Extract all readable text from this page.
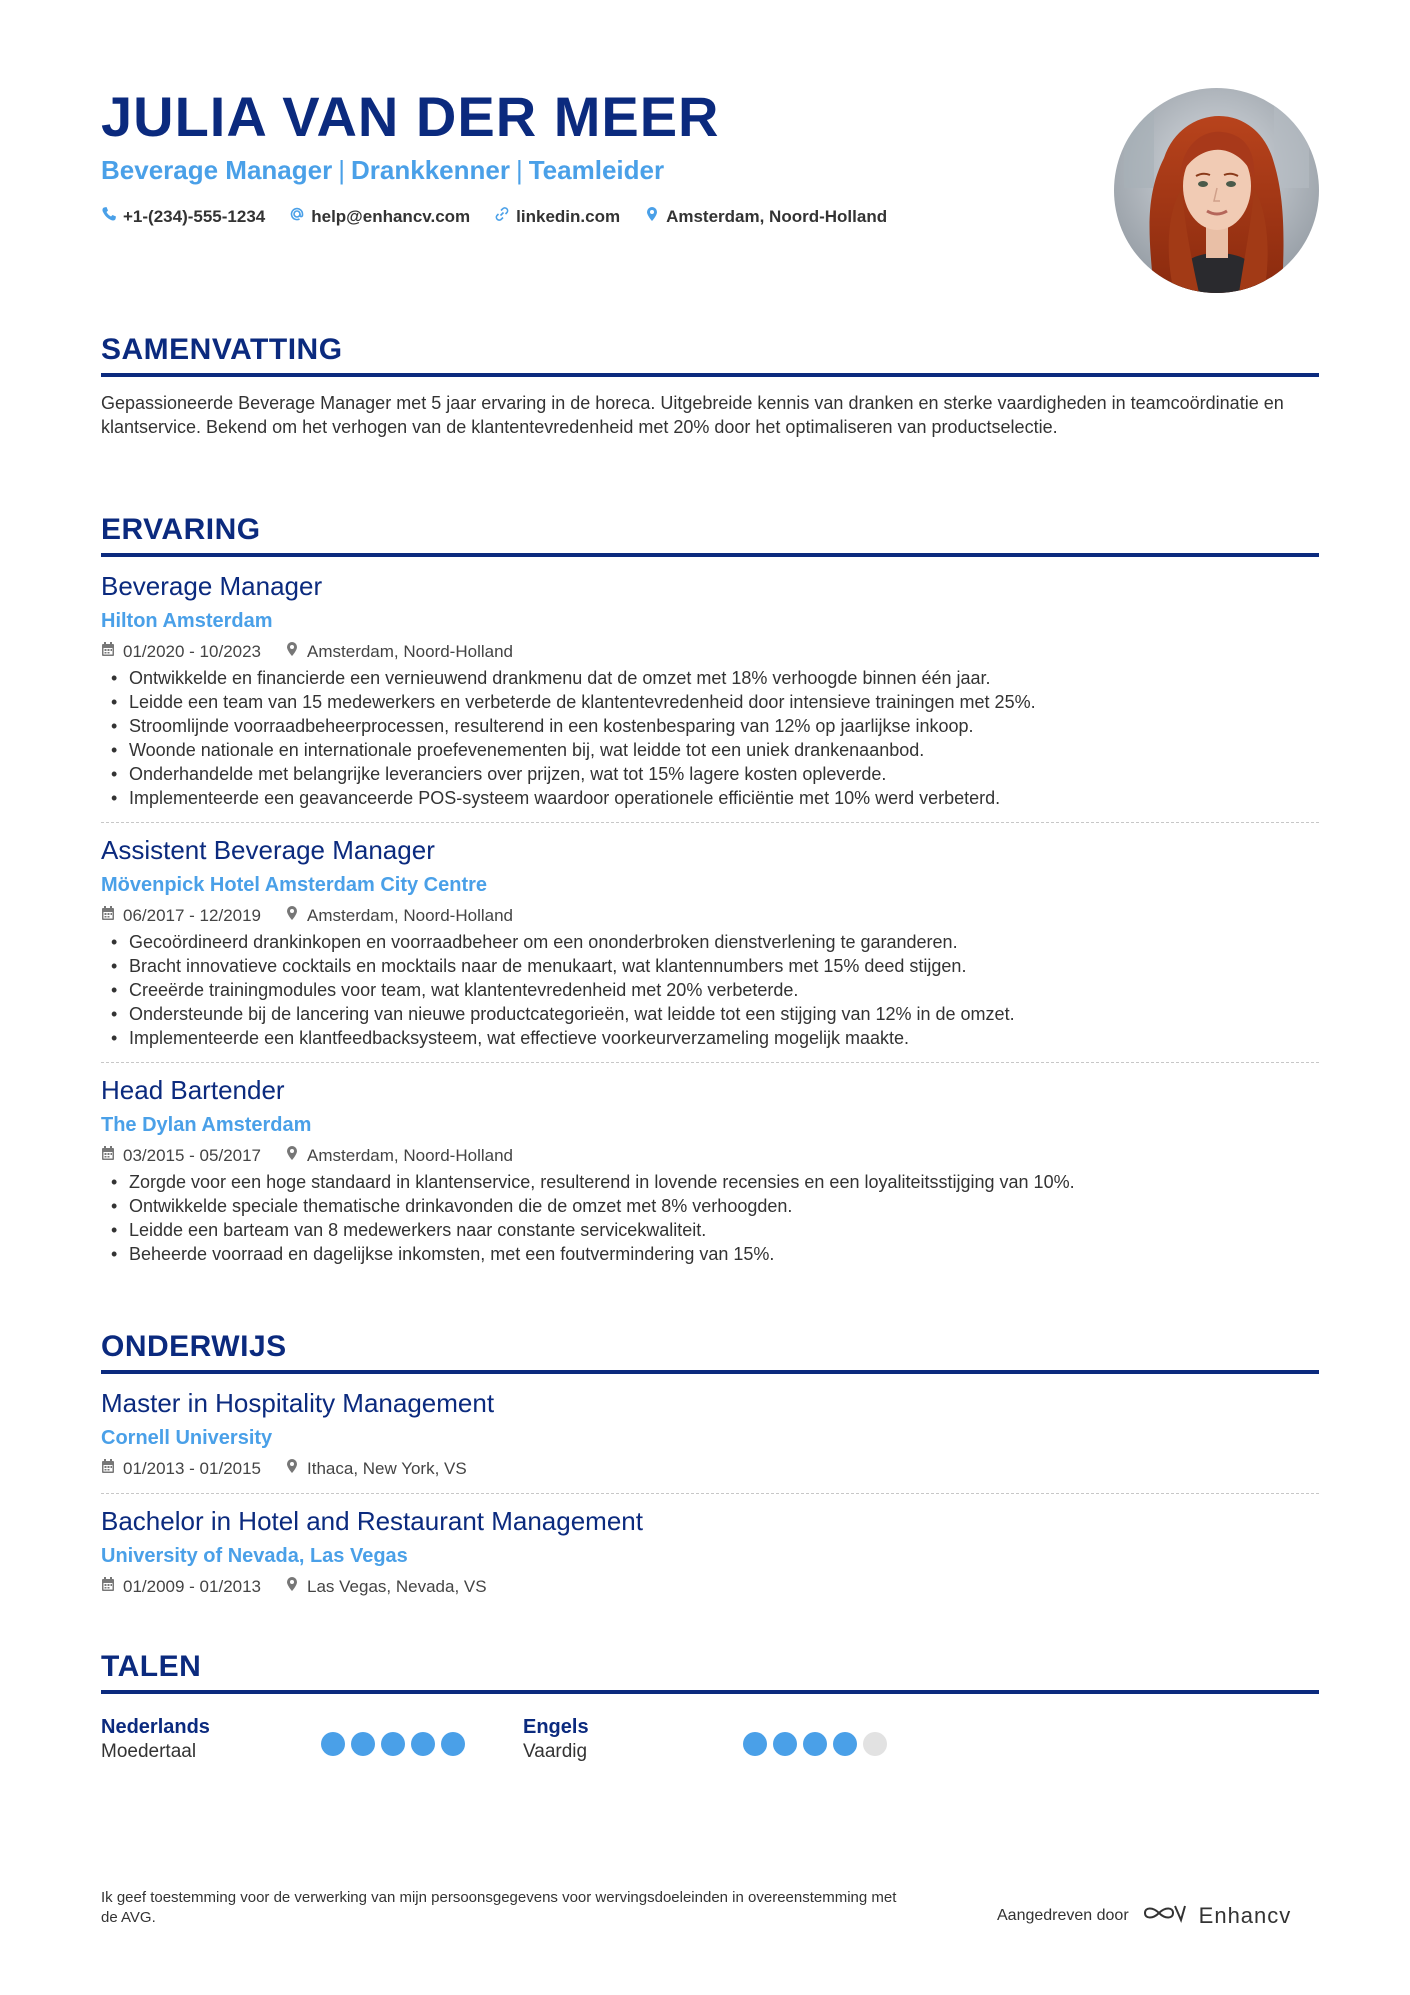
JULIA VAN DER MEER
Beverage Manager | Drankkenner | Teamleider
+1-(234)-555-1234	help@enhancv.com	linkedin.com	Amsterdam, Noord-Holland
SAMENVATTING
Gepassioneerde Beverage Manager met 5 jaar ervaring in de horeca. Uitgebreide kennis van dranken en sterke vaardigheden in teamcoördinatie en klantservice. Bekend om het verhogen van de klantentevredenheid met 20% door het optimaliseren van productselectie.
ERVARING
Beverage Manager
Hilton Amsterdam
01/2020 - 10/2023	Amsterdam, Noord-Holland
• Ontwikkelde en financierde een vernieuwend drankmenu dat de omzet met 18% verhoogde binnen één jaar.
• Leidde een team van 15 medewerkers en verbeterde de klantentevredenheid door intensieve trainingen met 25%.
• Stroomlijnde voorraadbeheerprocessen, resulterend in een kostenbesparing van 12% op jaarlijkse inkoop.
• Woonde nationale en internationale proefevenementen bij, wat leidde tot een uniek drankenaanbod.
• Onderhandelde met belangrijke leveranciers over prijzen, wat tot 15% lagere kosten opleverde.
• Implementeerde een geavanceerde POS-systeem waardoor operationele efficiëntie met 10% werd verbeterd.
Assistent Beverage Manager
Mövenpick Hotel Amsterdam City Centre
06/2017 - 12/2019	Amsterdam, Noord-Holland
• Gecoördineerd drankinkopen en voorraadbeheer om een ononderbroken dienstverlening te garanderen.
• Bracht innovatieve cocktails en mocktails naar de menukaart, wat klantennumbers met 15% deed stijgen.
• Creeërde trainingmodules voor team, wat klantentevredenheid met 20% verbeterde.
• Ondersteunde bij de lancering van nieuwe productcategorieën, wat leidde tot een stijging van 12% in de omzet.
• Implementeerde een klantfeedbacksysteem, wat effectieve voorkeurverzameling mogelijk maakte.
Head Bartender
The Dylan Amsterdam
03/2015 - 05/2017	Amsterdam, Noord-Holland
• Zorgde voor een hoge standaard in klantenservice, resulterend in lovende recensies en een loyaliteitsstijging van 10%.
• Ontwikkelde speciale thematische drinkavonden die de omzet met 8% verhoogden.
• Leidde een barteam van 8 medewerkers naar constante servicekwaliteit.
• Beheerde voorraad en dagelijkse inkomsten, met een foutvermindering van 15%.
ONDERWIJS
Master in Hospitality Management
Cornell University
01/2013 - 01/2015	Ithaca, New York, VS
Bachelor in Hotel and Restaurant Management
University of Nevada, Las Vegas
01/2009 - 01/2013	Las Vegas, Nevada, VS
TALEN
Nederlands
Moedertaal
Engels
Vaardig
Ik geef toestemming voor de verwerking van mijn persoonsgegevens voor wervingsdoeleinden in overeenstemming met de AVG.	Aangedreven door	Enhancv
